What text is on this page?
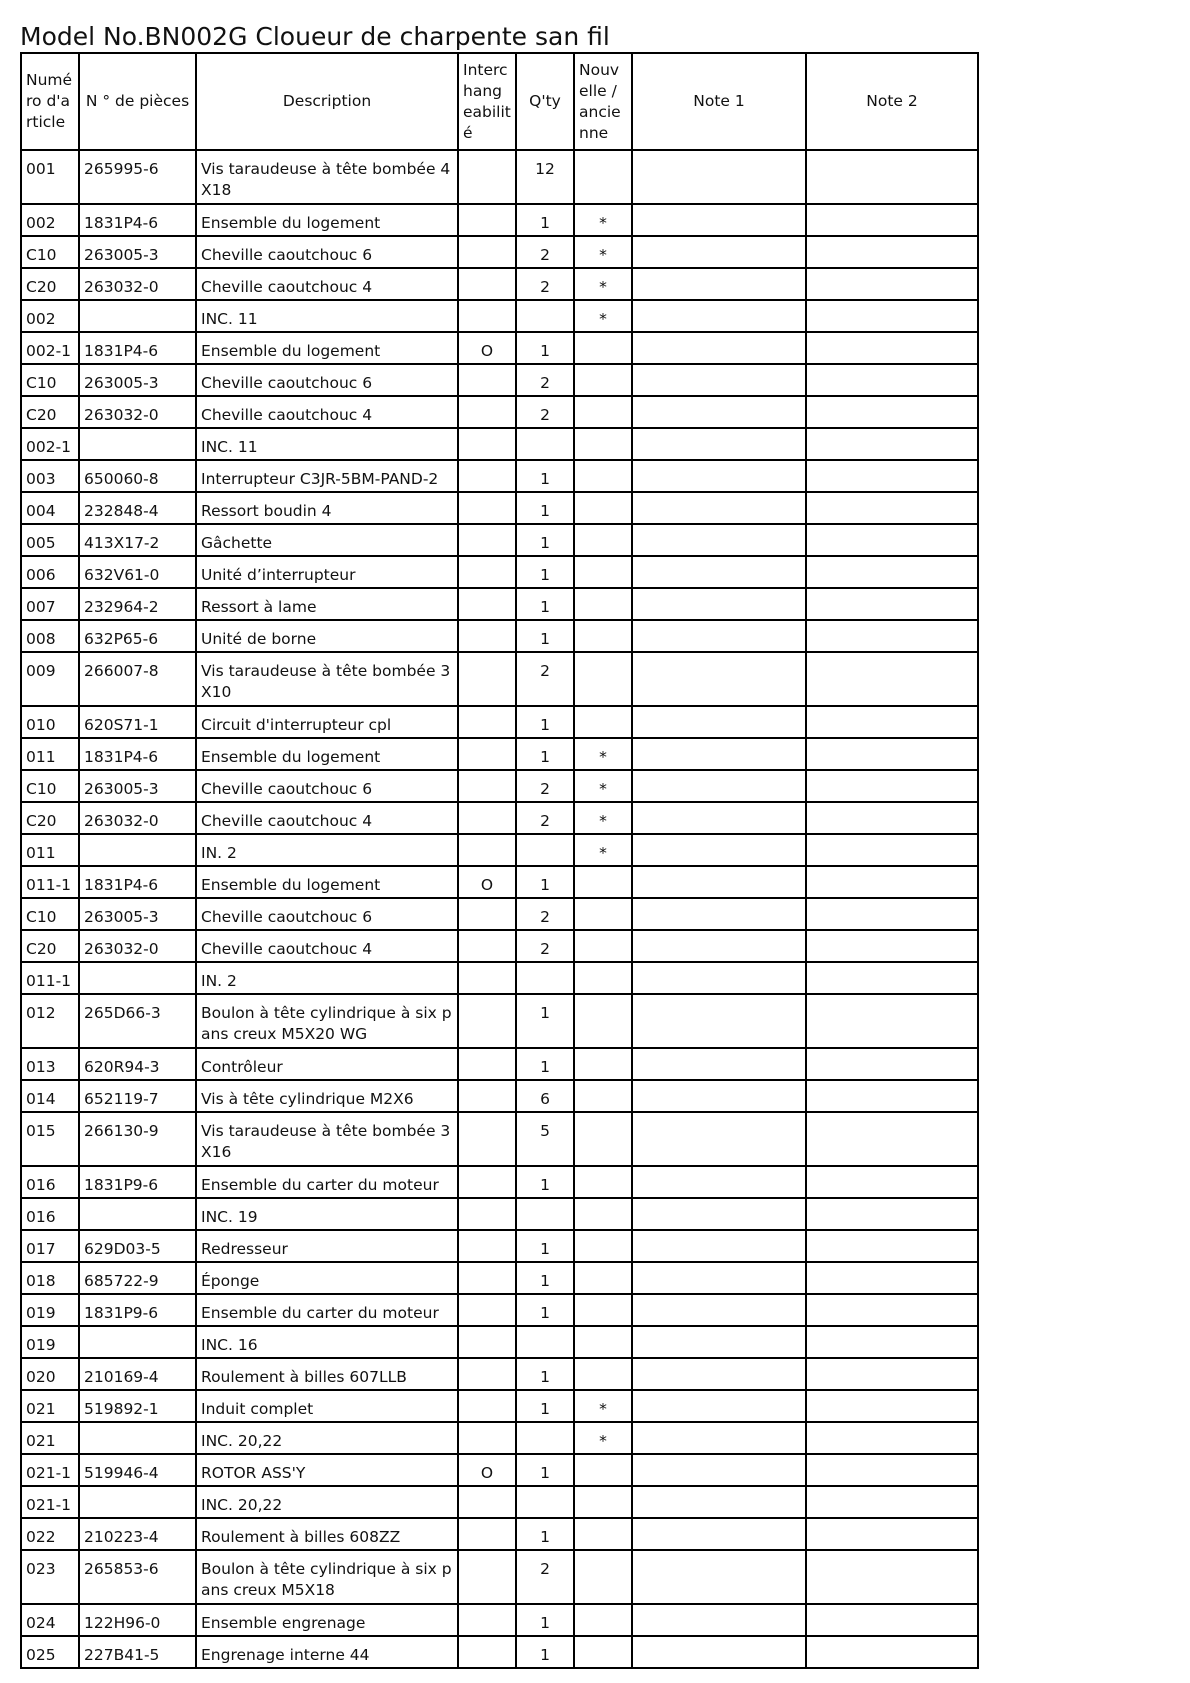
Model No.BN002G Cloueur de charpente san fil
Numé ro d'a rticle	N ° de pièces	Description	Interc hang eabilit é	Q'ty	Nouv elle / ancie nne	Note 1	Note 2
001	265995-6	Vis taraudeuse à tête bombée 4X18		12			
002	1831P4-6	Ensemble du logement		1	*		
C10	263005-3	Cheville caoutchouc 6		2	*		
C20	263032-0	Cheville caoutchouc 4		2	*		
002		INC. 11			*		
002-1	1831P4-6	Ensemble du logement	O	1			
C10	263005-3	Cheville caoutchouc 6		2			
C20	263032-0	Cheville caoutchouc 4		2			
002-1		INC. 11					
003	650060-8	Interrupteur C3JR-5BM-PAND-2		1			
004	232848-4	Ressort boudin 4		1			
005	413X17-2	Gâchette		1			
006	632V61-0	Unité d’interrupteur		1			
007	232964-2	Ressort à lame		1			
008	632P65-6	Unité de borne		1			
009	266007-8	Vis taraudeuse à tête bombée 3X10		2			
010	620S71-1	Circuit d'interrupteur cpl		1			
011	1831P4-6	Ensemble du logement		1	*		
C10	263005-3	Cheville caoutchouc 6		2	*		
C20	263032-0	Cheville caoutchouc 4		2	*		
011		IN. 2			*		
011-1	1831P4-6	Ensemble du logement	O	1			
C10	263005-3	Cheville caoutchouc 6		2			
C20	263032-0	Cheville caoutchouc 4		2			
011-1		IN. 2					
012	265D66-3	Boulon à tête cylindrique à six pans creux M5X20 WG		1			
013	620R94-3	Contrôleur		1			
014	652119-7	Vis à tête cylindrique M2X6		6			
015	266130-9	Vis taraudeuse à tête bombée 3X16		5			
016	1831P9-6	Ensemble du carter du moteur		1			
016		INC. 19					
017	629D03-5	Redresseur		1			
018	685722-9	Éponge		1			
019	1831P9-6	Ensemble du carter du moteur		1			
019		INC. 16					
020	210169-4	Roulement à billes 607LLB		1			
021	519892-1	Induit complet		1	*		
021		INC. 20,22			*		
021-1	519946-4	ROTOR ASS'Y	O	1			
021-1		INC. 20,22					
022	210223-4	Roulement à billes 608ZZ		1			
023	265853-6	Boulon à tête cylindrique à six pans creux M5X18		2			
024	122H96-0	Ensemble engrenage		1			
025	227B41-5	Engrenage interne 44		1			
